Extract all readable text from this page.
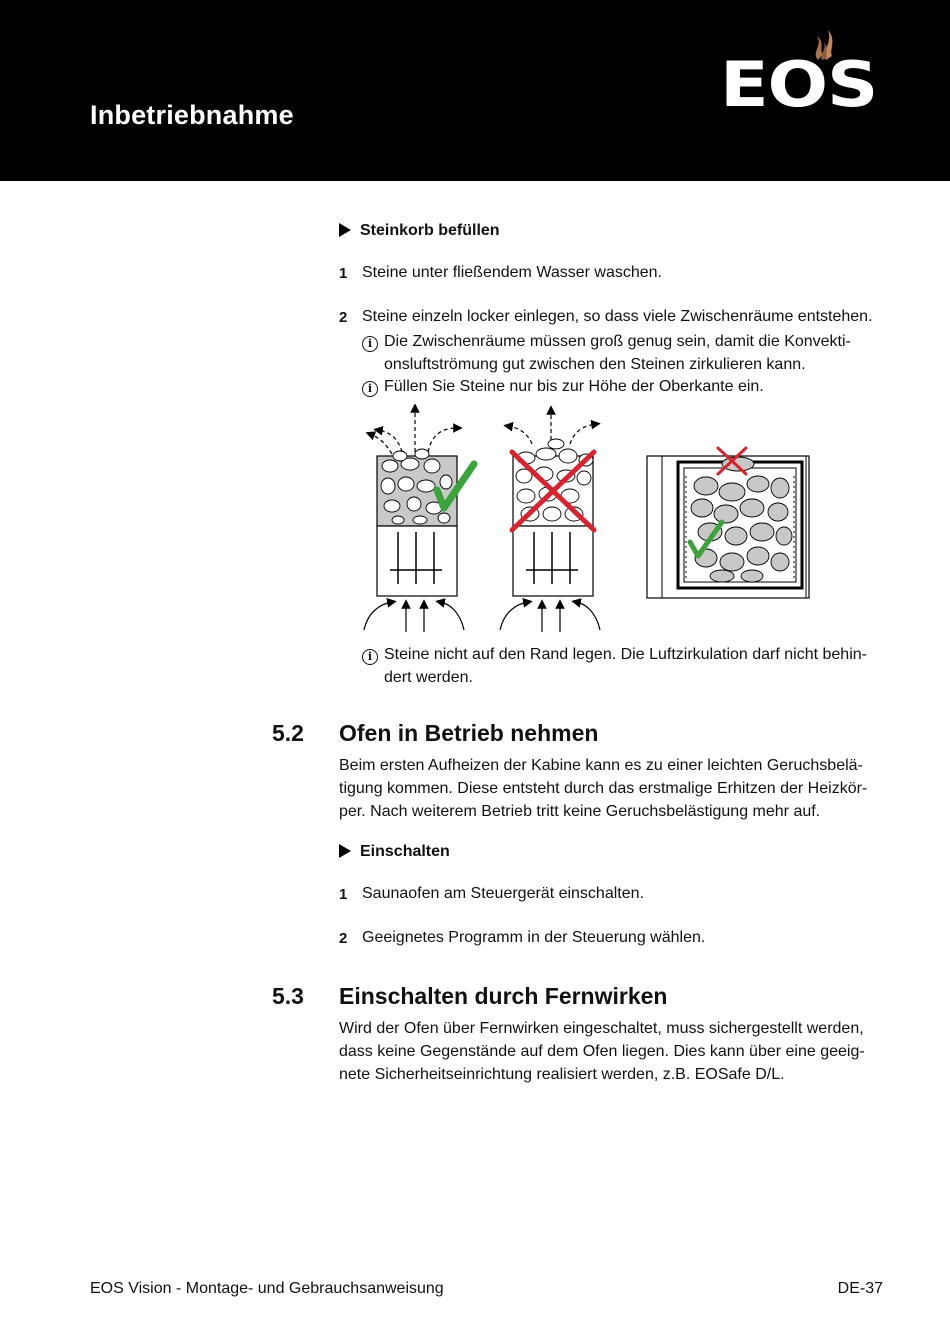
Inbetriebnahme	EOS
Steinkorb befüllen
1 Steine unter fließendem Wasser waschen.
2 Steine einzeln locker einlegen, so dass viele Zwischenräume entstehen.
i Die Zwischenräume müssen groß genug sein, damit die Konvekti-
onsluftströmung gut zwischen den Steinen zirkulieren kann.
i Füllen Sie Steine nur bis zur Höhe der Oberkante ein.
i Steine nicht auf den Rand legen. Die Luftzirkulation darf nicht behin-
dert werden.
5.2 Ofen in Betrieb nehmen
Beim ersten Aufheizen der Kabine kann es zu einer leichten Geruchsbelä-
tigung kommen. Diese entsteht durch das erstmalige Erhitzen der Heizkör-
per. Nach weiterem Betrieb tritt keine Geruchsbelästigung mehr auf.
Einschalten
1 Saunaofen am Steuergerät einschalten.
2 Geeignetes Programm in der Steuerung wählen.
5.3 Einschalten durch Fernwirken
Wird der Ofen über Fernwirken eingeschaltet, muss sichergestellt werden,
dass keine Gegenstände auf dem Ofen liegen. Dies kann über eine geeig-
nete Sicherheitseinrichtung realisiert werden, z.B. EOSafe D/L.
EOS Vision - Montage- und Gebrauchsanweisung	DE-37
